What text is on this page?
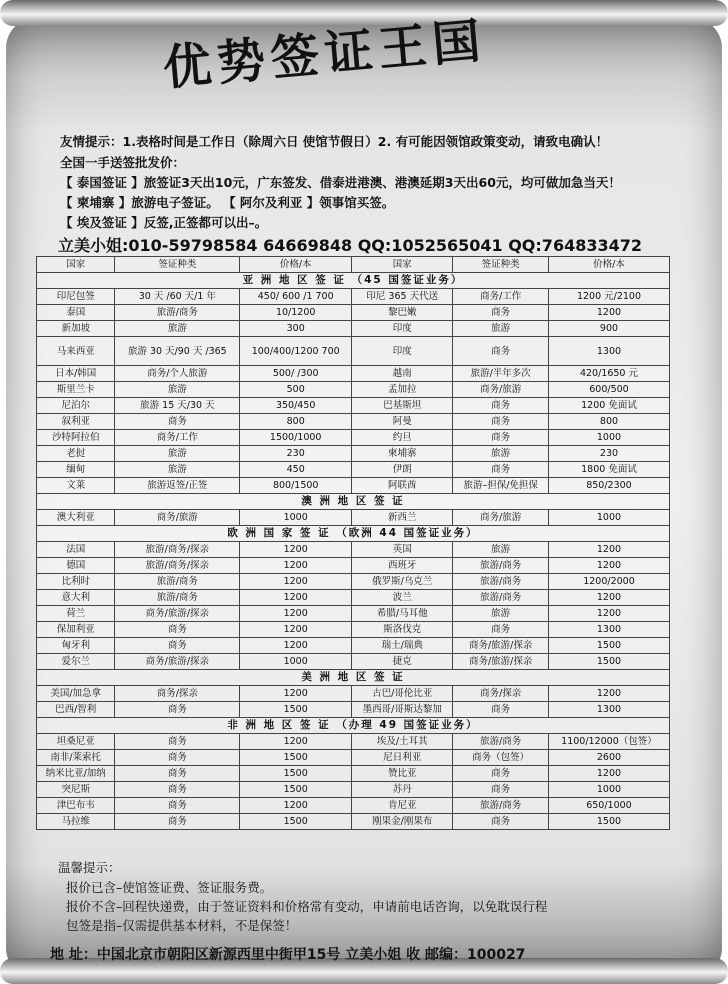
优势签证王国
友情提示：1.表格时间是工作日（除周六日 使馆节假日）2. 有可能因领馆政策变动，请致电确认！
全国一手送签批发价：
【 泰国签证 】旅签证3天出10元，广东签发、借泰进港澳、港澳延期3天出60元，均可做加急当天！
【 柬埔寨 】旅游电子签证。 【 阿尔及利亚 】领事馆买签。
【 埃及签证 】反签,正签都可以出–。
立美小姐:010-59798584 64669848 QQ:1052565041 QQ:764833472
国家	签证种类	价格/本	国家	签证种类	价格/本
亚 洲 地 区 签 证 （45 国签证业务）					
印尼包签	30 天 /60 天/1 年	450/ 600 /1 700	印尼 365 天代送	商务/工作	1200 元/2100
泰国	旅游/商务	10/1200	黎巴嫩	商务	1200
新加坡	旅游	300	印度	旅游	900
马来西亚	旅游 30 天/90 天 /365	100/400/1200 700	印度	商务	1300
日本/韩国	商务/个人旅游	500/ /300	越南	旅游/半年多次	420/1650 元
斯里兰卡	旅游	500	孟加拉	商务/旅游	600/500
尼泊尔	旅游 15 天/30 天	350/450	巴基斯坦	商务	1200 免面试
叙利亚	商务	800	阿曼	商务	800
沙特阿拉伯	商务/工作	1500/1000	约旦	商务	1000
老挝	旅游	230	柬埔寨	旅游	230
缅甸	旅游	450	伊朗	商务	1800 免面试
文莱	旅游返签/正签	800/1500	阿联酋	旅游–担保/免担保	850/2300
澳 洲 地 区 签 证					
澳大利亚	商务/旅游	1000	新西兰	商务/旅游	1000
欧 洲 国 家 签 证 （欧洲 44 国签证业务）					
法国	旅游/商务/探亲	1200	英国	旅游	1200
德国	旅游/商务/探亲	1200	西班牙	旅游/商务	1200
比利时	旅游/商务	1200	俄罗斯/乌克兰	旅游/商务	1200/2000
意大利	旅游/商务	1200	波兰	旅游/商务	1200
荷兰	商务/旅游/探亲	1200	希腊/马耳他	旅游	1200
保加利亚	商务	1200	斯洛伐克	商务	1300
匈牙利	商务	1200	瑞士/瑞典	商务/旅游/探亲	1500
爱尔兰	商务/旅游/探亲	1000	捷克	商务/旅游/探亲	1500
美 洲 地 区 签 证					
美国/加急拿	商务/探亲	1200	古巴/哥伦比亚	商务/探亲	1200
巴西/智利	商务	1500	墨西哥/哥斯达黎加	商务	1300
非 洲 地 区 签 证 （办理 49 国签证业务）					
坦桑尼亚	商务	1200	埃及/土耳其	旅游/商务	1100/12000（包签）
南非/莱索托	商务	1500	尼日利亚	商务（包签）	2600
纳米比亚/加纳	商务	1500	赞比亚	商务	1200
突尼斯	商务	1500	苏丹	商务	1000
津巴布韦	商务	1200	肯尼亚	旅游/商务	650/1000
马拉维	商务	1500	刚果金/刚果布	商务	1500
温馨提示：
报价已含–使馆签证费、签证服务费。
报价不含–回程快递费，由于签证资料和价格常有变动，申请前电话咨询，以免耽误行程
包签是指–仅需提供基本材料，不是保签！
地 址：中国北京市朝阳区新源西里中街甲15号 立美小姐 收 邮编：100027
